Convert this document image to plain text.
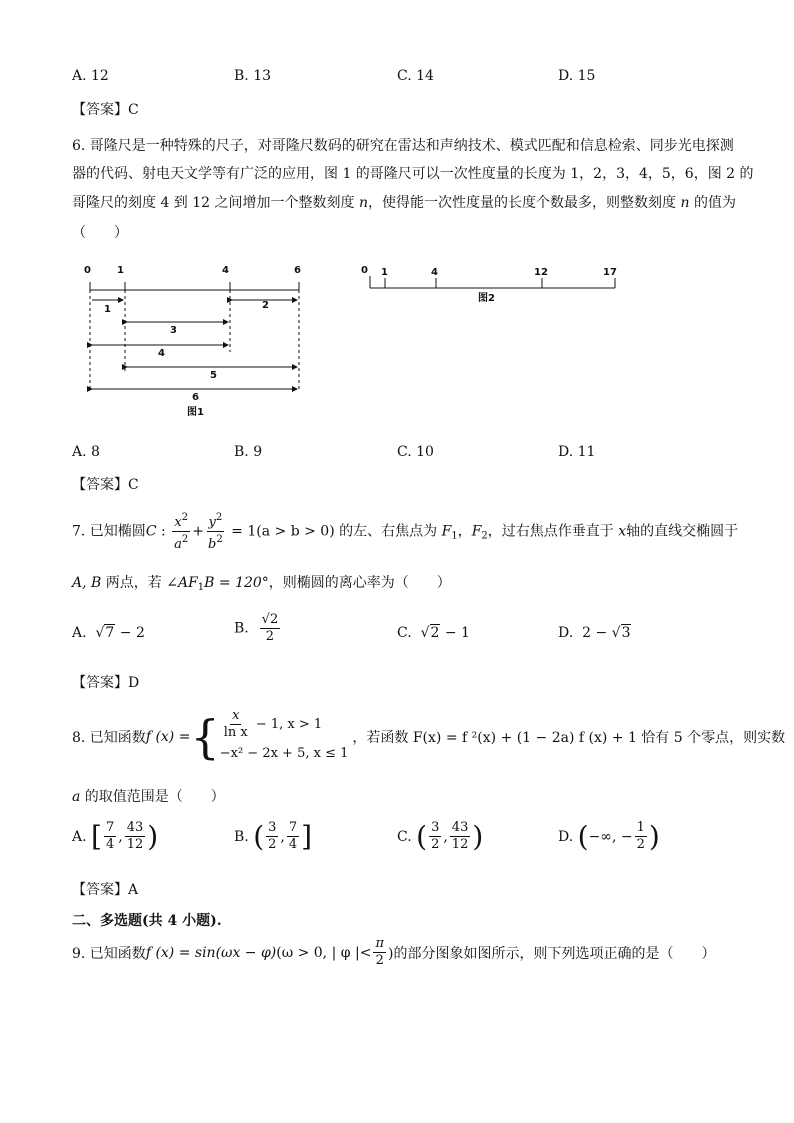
A. 12	B. 13	C. 14	D. 15
【答案】C
6. 哥隆尺是一种特殊的尺子，对哥隆尺数码的研究在雷达和声纳技术、模式匹配和信息检索、同步光电探测
器的代码、射电天文学等有广泛的应用，图 1 的哥隆尺可以一次性度量的长度为 1，2，3，4，5，6，图 2 的
哥隆尺的刻度 4 到 12 之间增加一个整数刻度 n，使得能一次性度量的长度个数最多，则整数刻度 n 的值为
（　　）
0	1	4	6
1	2
3
4
5
6
图1
0 1	4	12	17
图2
A. 8	B. 9	C. 10	D. 11
【答案】C
7. 已知椭圆C : $\frac{x^2}{a^2} + \frac{y^2}{b^2} = 1(a > b > 0)$ 的左、右焦点为 $F_1$，$F_2$，过右焦点作垂直于 x轴的直线交椭圆于
A, B 两点，若 $\angle AF_1B = 120^\circ$，则椭圆的离心率为（　　）
A.  √7 − 2	B. $\frac{√2}{2}$	C.  √2 − 1	D. 2 − √3
【答案】D
8. 已知函数 f (x) = { $\frac{x}{\text{ln x}} - 1$, x > 1
−x² − 2x + 5, x ≤ 1
，若函数 F(x) = f ²(x) + (1 − 2a) f (x) + 1 恰有 5 个零点，则实数
a 的取值范围是（　　）
A.
[ $\frac{7}{4}$ , $\frac{43}{12}$ )	B.
( $\frac{3}{2}$ , $\frac{7}{4}$ ]	C.
( $\frac{3}{2}$ , $\frac{43}{12}$ )	D.
( −∞, − $\frac{1}{2}$ )
【答案】A
二、多选题(共 4 小题).
9. 已知函数 f (x) = sin(ωx − φ) (ω > 0, | φ |< $\frac{\pi}{2}$ )的部分图象如图所示，则下列选项正确的是（　　）
